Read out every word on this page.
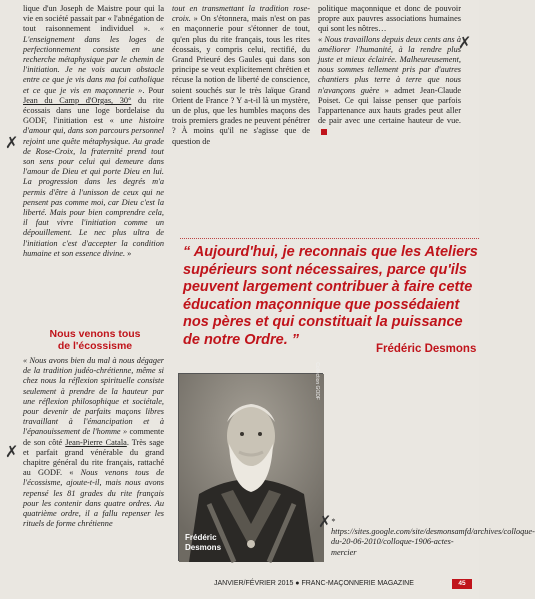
lique d'un Joseph de Maistre pour qui la vie en société passait par « l'abnégation de tout raisonnement individuel ». « L'enseignement dans les loges de perfectionnement consiste en une recherche métaphysique par le chemin de l'initiation. Je ne vois aucun obstacle entre ce que je vis dans ma foi catholique et ce que je vis en maçonnerie ». Pour Jean du Camp d'Orgas, 30° du rite écossais dans une loge bordelaise du GODF, l'initiation est « une histoire d'amour qui, dans son parcours personnel rejoint une quête métaphysique. Au grade de Rose-Croix, la fraternité prend tout son sens pour celui qui demeure dans l'amour de Dieu et qui porte Dieu en lui. La progression dans les degrés m'a permis d'être à l'unisson de ceux qui ne pensent pas comme moi, car Dieu c'est la liberté. Mais pour bien comprendre cela, il faut vivre l'initiation comme un dépouillement. Le nec plus ultra de l'initiation c'est d'accepter la condition humaine et son essence divine. »

Nous venons tous de l'écossisme

« Nous avons bien du mal à nous dégager de la tradition judéo-chrétienne, même si chez nous la réflexion spirituelle consiste seulement à prendre de la hauteur par une réflexion philosophique et sociétale, pour devenir de parfaits maçons libres travaillant à l'émancipation et à l'épanouissement de l'homme » commente de son côté Jean-Pierre Catala. Très sage et parfait grand vénérable du grand chapitre général du rite français, rattaché au GODF. « Nous venons tous de l'écossisme, ajoute-t-il, mais nous avons repensé les 81 grades du rite français pour les contenir dans quatre ordres. Au quatrième ordre, il a fallu repenser les rituels de forme chrétienne

tout en transmettant la tradition rose-croix. » On s'étonnera, mais n'est on pas en maçonnerie pour s'étonner de tout, qu'en plus du rite français, tous les rites écossais, y compris celui, rectifié, du Grand Prieuré des Gaules qui dans son principe se veut explicitement chrétien et récuse la notion de liberté de conscience, soient souchés sur le très laïque Grand Orient de France ? Y a-t-il là un mystère, un de plus, que les humbles maçons des trois premiers grades ne peuvent pénétrer ? À moins qu'il ne s'agisse que de question de

politique maçonnique et donc de pouvoir propre aux pauvres associations humaines qui sont les nôtres…

« Nous travaillons depuis deux cents ans à améliorer l'humanité, à la rendre plus juste et mieux éclairée. Malheureusement, nous sommes tellement pris par d'autres chantiers plus terre à terre que nous n'avançons guère » admet Jean-Claude Poiset. Ce qui laisse penser que parfois l'appartenance aux hauts grades peut aller de pair avec une certaine hauteur de vue.

“ Aujourd'hui, je reconnais que les Ateliers supérieurs sont nécessaires, parce qu'ils peuvent largement contribuer à faire cette éducation maçonnique que possédaient nos pères et qui constituait la puissance de notre Ordre. ”
Frédéric Desmons
Collection GODF
Frédéric
Desmons
* https://sites.google.com/site/desmonsamfd/archives/colloque-du-20-06-2010/colloque-1906-actes-mercier
JANVIER/FÉVRIER 2015 ● FRANC-MAÇONNERIE MAGAZINE	45
✗
✗
✗
✗
